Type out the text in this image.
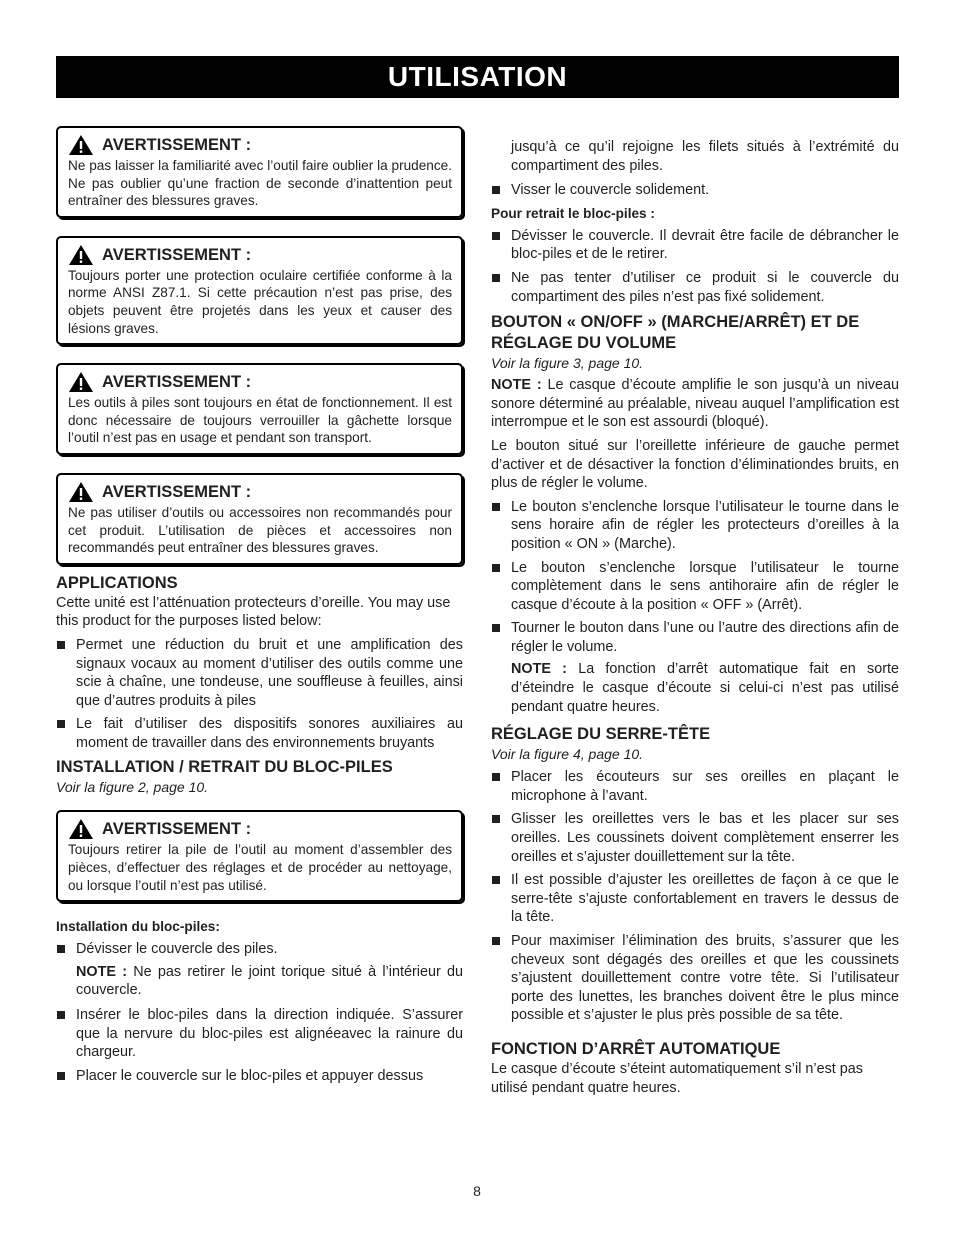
UTILISATION
AVERTISSEMENT :
Ne pas laisser la familiarité avec l’outil faire oublier la prudence. Ne pas oublier qu’une fraction de seconde d’inattention peut entraîner des blessures graves.
AVERTISSEMENT :
Toujours porter une protection oculaire certifiée conforme à la norme ANSI Z87.1. Si cette précaution n’est pas prise, des objets peuvent être projetés dans les yeux et causer des lésions graves.
AVERTISSEMENT :
Les outils à piles sont toujours en état de fonctionnement. Il est donc nécessaire de toujours verrouiller la gâchette lorsque l’outil n’est pas en usage et pendant son transport.
AVERTISSEMENT :
Ne pas utiliser d’outils ou accessoires non recommandés pour cet produit. L’utilisation de pièces et accessoires non recommandés peut entraîner des blessures graves.
APPLICATIONS

Cette unité est l’atténuation protecteurs d’oreille. You may use this product for the purposes listed below:

Permet une réduction du bruit et une amplification des signaux vocaux au moment d’utiliser des outils comme une scie à chaîne, une tondeuse, une souffleuse à feuilles, ainsi que d’autres produits à piles
Le fait d’utiliser des dispositifs sonores auxiliaires au moment de travailler dans des environnements bruyants
INSTALLATION / RETRAIT DU BLOC-PILES
Voir la figure 2, page 10.
AVERTISSEMENT :
Toujours retirer la pile de l’outil au moment d’assembler des pièces, d’effectuer des réglages et de procéder au nettoyage, ou lorsque l’outil n’est pas utilisé.
Installation du bloc-piles:
Dévisser le couvercle des piles.
NOTE : Ne pas retirer le joint torique situé à l’intérieur du couvercle.
Insérer le bloc-piles dans la direction indiquée. S’assurer que la nervure du bloc-piles est alignéeavec la rainure du chargeur.
Placer le couvercle sur le bloc-piles et appuyer dessus
jusqu’à ce qu’il rejoigne les filets situés à l’extrémité du compartiment des piles.
Visser le couvercle solidement.
Pour retrait le bloc-piles :
Dévisser le couvercle. Il devrait être facile de débrancher le bloc-piles et de le retirer.
Ne pas tenter d’utiliser ce produit si le couvercle du compartiment des piles n’est pas fixé solidement.
BOUTON « ON/OFF » (MARCHE/ARRÊT) ET DE RÉGLAGE DU VOLUME
Voir la figure 3, page 10.

NOTE : Le casque d’écoute amplifie le son jusqu’à un niveau sonore déterminé au préalable, niveau auquel l’amplification est interrompue et le son est assourdi (bloqué).

Le bouton situé sur l’oreillette inférieure de gauche permet d’activer et de désactiver la fonction d’éliminationdes bruits, en plus de régler le volume.

Le bouton s’enclenche lorsque l’utilisateur le tourne dans le sens horaire afin de régler les protecteurs d’oreilles à la position « ON » (Marche).
Le bouton s’enclenche lorsque l’utilisateur le tourne complètement dans le sens antihoraire afin de régler le casque d’écoute à la position « OFF » (Arrêt).
Tourner le bouton dans l’une ou l’autre des directions afin de régler le volume.
NOTE : La fonction d’arrêt automatique fait en sorte d’éteindre le casque d’écoute si celui-ci n’est pas utilisé pendant quatre heures.
RÉGLAGE DU SERRE-TÊTE
Voir la figure 4, page 10.
Placer les écouteurs sur ses oreilles en plaçant le microphone à l’avant.
Glisser les oreillettes vers le bas et les placer sur ses oreilles. Les coussinets doivent complètement enserrer les oreilles et s’ajuster douillettement sur la tête.
Il est possible d’ajuster les oreillettes de façon à ce que le serre-tête s’ajuste confortablement en travers le dessus de la tête.
Pour maximiser l’élimination des bruits, s’assurer que les cheveux sont dégagés des oreilles et que les coussinets s’ajustent douillettement contre votre tête. Si l’utilisateur porte des lunettes, les branches doivent être le plus mince possible et s’ajuster le plus près possible de sa tête.
FONCTION D’ARRÊT AUTOMATIQUE

Le casque d’écoute s’éteint automatiquement s’il n’est pas utilisé pendant quatre heures.

8
